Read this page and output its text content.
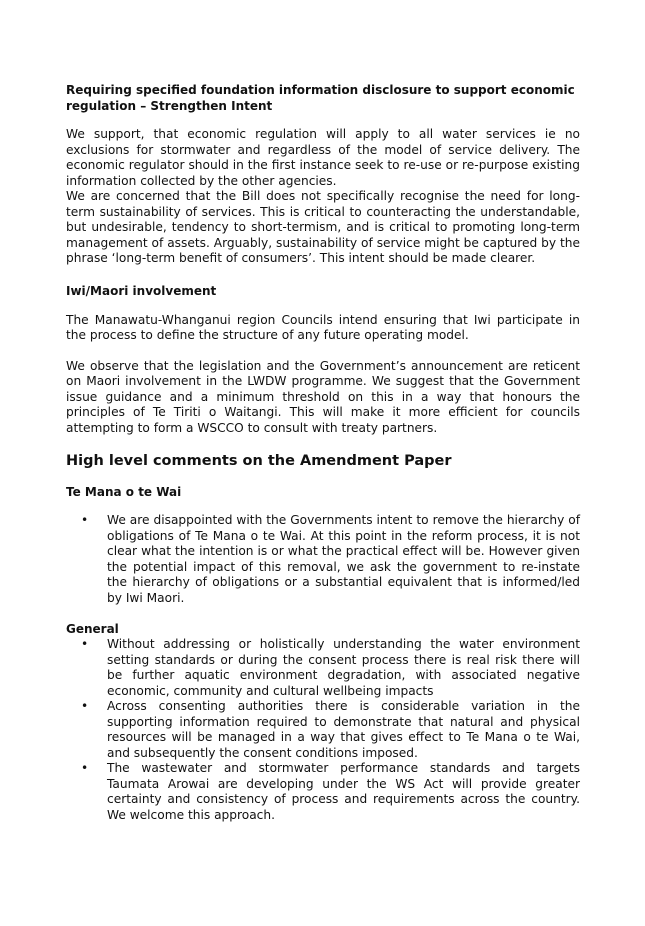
Requiring specified foundation information disclosure to support economic regulation – Strengthen Intent

We support, that economic regulation will apply to all water services ie no exclusions for stormwater and regardless of the model of service delivery. The economic regulator should in the first instance seek to re-use or re-purpose existing information collected by the other agencies.

We are concerned that the Bill does not specifically recognise the need for long-term sustainability of services. This is critical to counteracting the understandable, but undesirable, tendency to short-termism, and is critical to promoting long-term management of assets. Arguably, sustainability of service might be captured by the phrase ‘long-term benefit of consumers’. This intent should be made clearer.

Iwi/Maori involvement

The Manawatu-Whanganui region Councils intend ensuring that Iwi participate in the process to define the structure of any future operating model.

We observe that the legislation and the Government’s announcement are reticent on Maori involvement in the LWDW programme. We suggest that the Government issue guidance and a minimum threshold on this in a way that honours the principles of Te Tiriti o Waitangi. This will make it more efficient for councils attempting to form a WSCCO to consult with treaty partners.

High level comments on the Amendment Paper
Te Mana o te Wai
• We are disappointed with the Governments intent to remove the hierarchy of obligations of Te Mana o te Wai. At this point in the reform process, it is not clear what the intention is or what the practical effect will be. However given the potential impact of this removal, we ask the government to re-instate the hierarchy of obligations or a substantial equivalent that is informed/led by Iwi Maori.
General
• Without addressing or holistically understanding the water environment setting standards or during the consent process there is real risk there will be further aquatic environment degradation, with associated negative economic, community and cultural wellbeing impacts
• Across consenting authorities there is considerable variation in the supporting information required to demonstrate that natural and physical resources will be managed in a way that gives effect to Te Mana o te Wai, and subsequently the consent conditions imposed.
• The wastewater and stormwater performance standards and targets Taumata Arowai are developing under the WS Act will provide greater certainty and consistency of process and requirements across the country. We welcome this approach.
